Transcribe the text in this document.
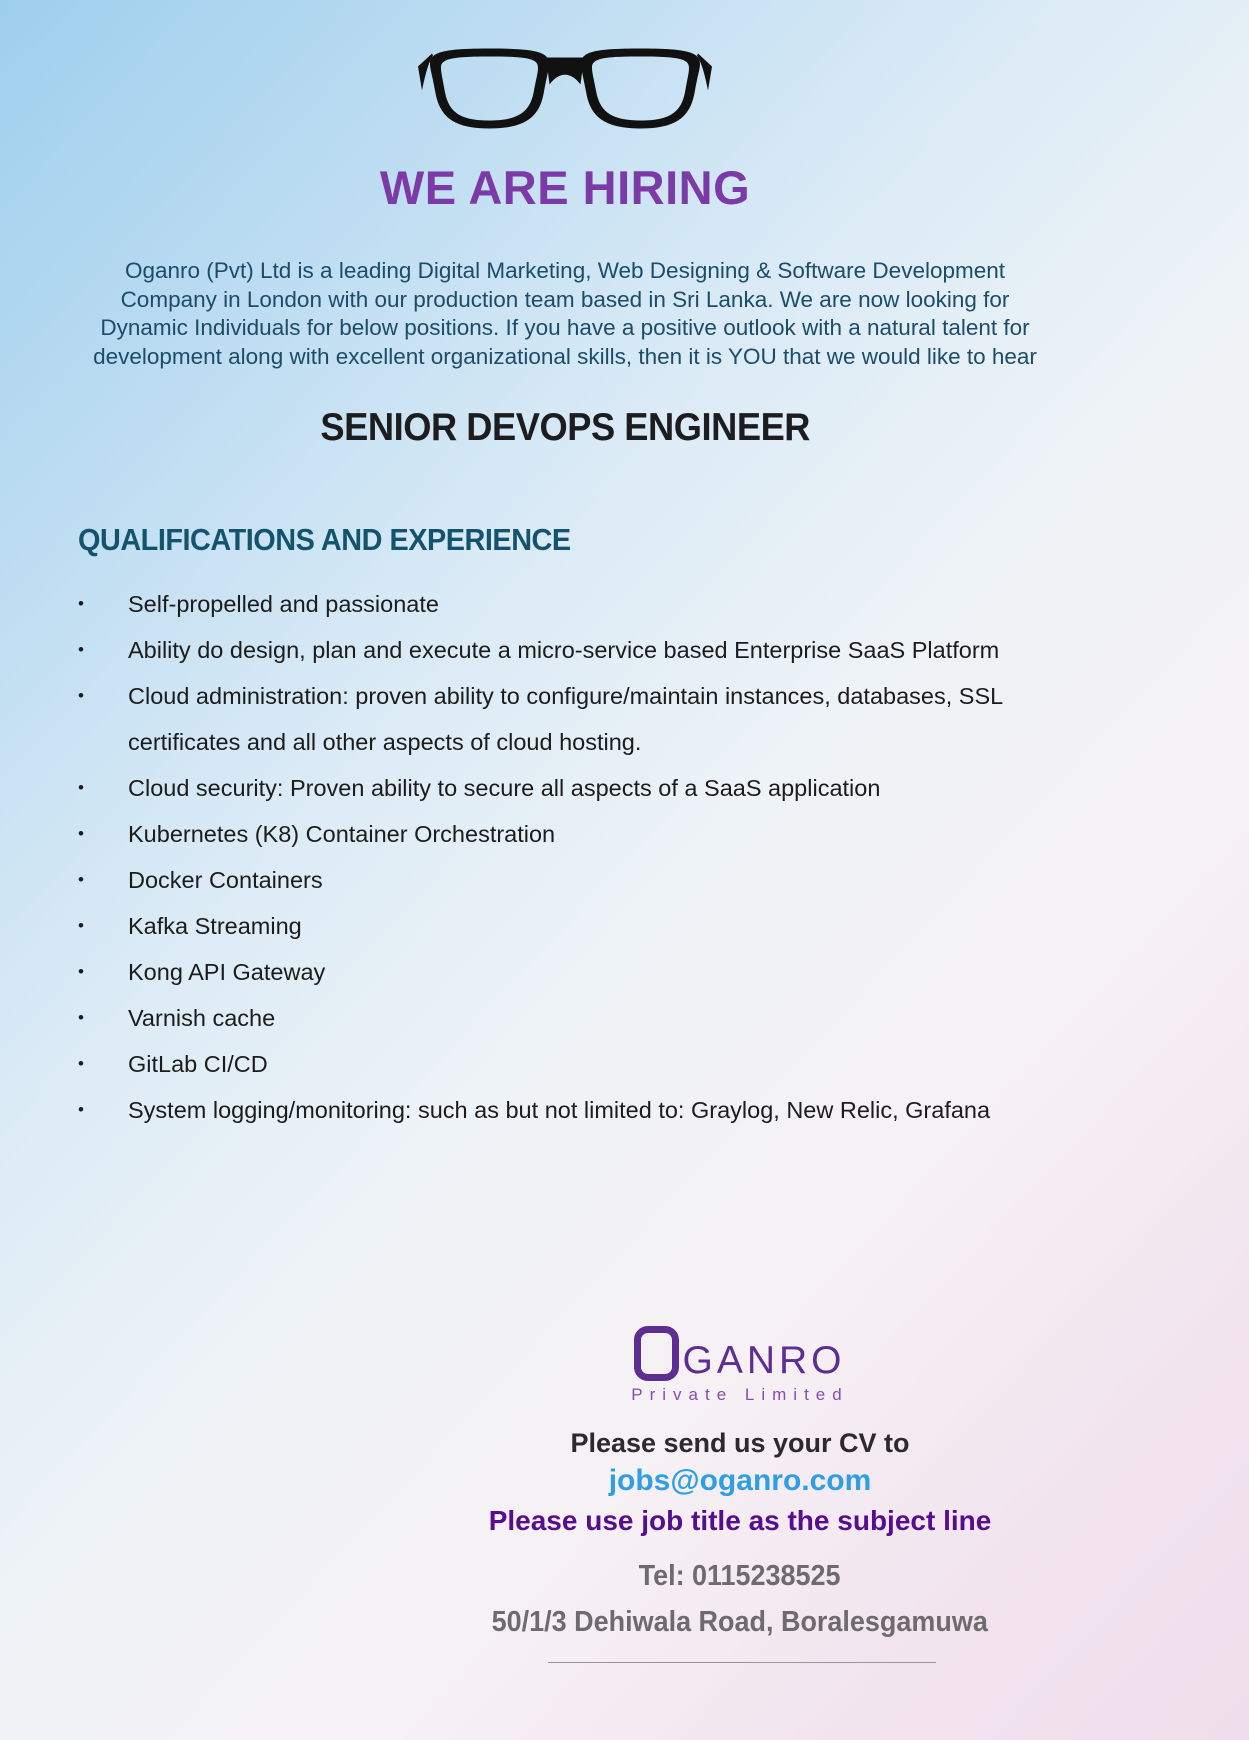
WE ARE HIRING
Oganro (Pvt) Ltd is a leading Digital Marketing, Web Designing & Software Development
Company in London with our production team based in Sri Lanka. We are now looking for
Dynamic Individuals for below positions. If you have a positive outlook with a natural talent for
development along with excellent organizational skills, then it is YOU that we would like to hear
SENIOR DEVOPS ENGINEER
QUALIFICATIONS AND EXPERIENCE
•	Self-propelled and passionate
•	Ability do design, plan and execute a micro-service based Enterprise SaaS Platform
•	Cloud administration: proven ability to configure/maintain instances, databases, SSL certificates and all other aspects of cloud hosting.
•	Cloud security: Proven ability to secure all aspects of a SaaS application
•	Kubernetes (K8) Container Orchestration
•	Docker Containers
•	Kafka Streaming
•	Kong API Gateway
•	Varnish cache
•	GitLab CI/CD
•	System logging/monitoring: such as but not limited to: Graylog, New Relic, Grafana
GANRO
Private Limited
Please send us your CV to
jobs@oganro.com
Please use job title as the subject line
Tel: 0115238525
50/1/3 Dehiwala Road, Boralesgamuwa
